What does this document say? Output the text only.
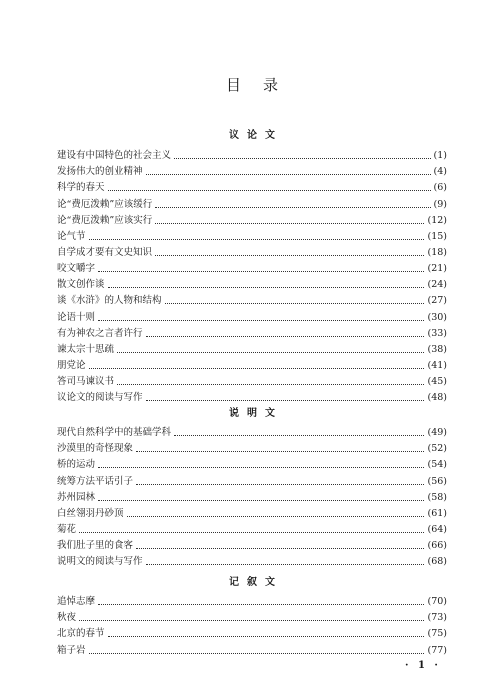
目录
议论文
建设有中国特色的社会主义	(1)
发扬伟大的创业精神	(4)
科学的春天	(6)
论“费厄泼赖”应该缓行	(9)
论“费厄泼赖”应该实行	(12)
论气节	(15)
自学成才要有文史知识	(18)
咬文嚼字	(21)
散文创作谈	(24)
谈《水浒》的人物和结构	(27)
论语十则	(30)
有为神农之言者许行	(33)
谏太宗十思疏	(38)
朋党论	(41)
答司马谏议书	(45)
议论文的阅读与写作	(48)
说明文
现代自然科学中的基础学科	(49)
沙漠里的奇怪现象	(52)
桥的运动	(54)
统筹方法平话引子	(56)
苏州园林	(58)
白丝翎羽丹砂顶	(61)
菊花	(64)
我们肚子里的食客	(66)
说明文的阅读与写作	(68)
记叙文
追悼志摩	(70)
秋夜	(73)
北京的春节	(75)
箱子岩	(77)
· 1 ·
